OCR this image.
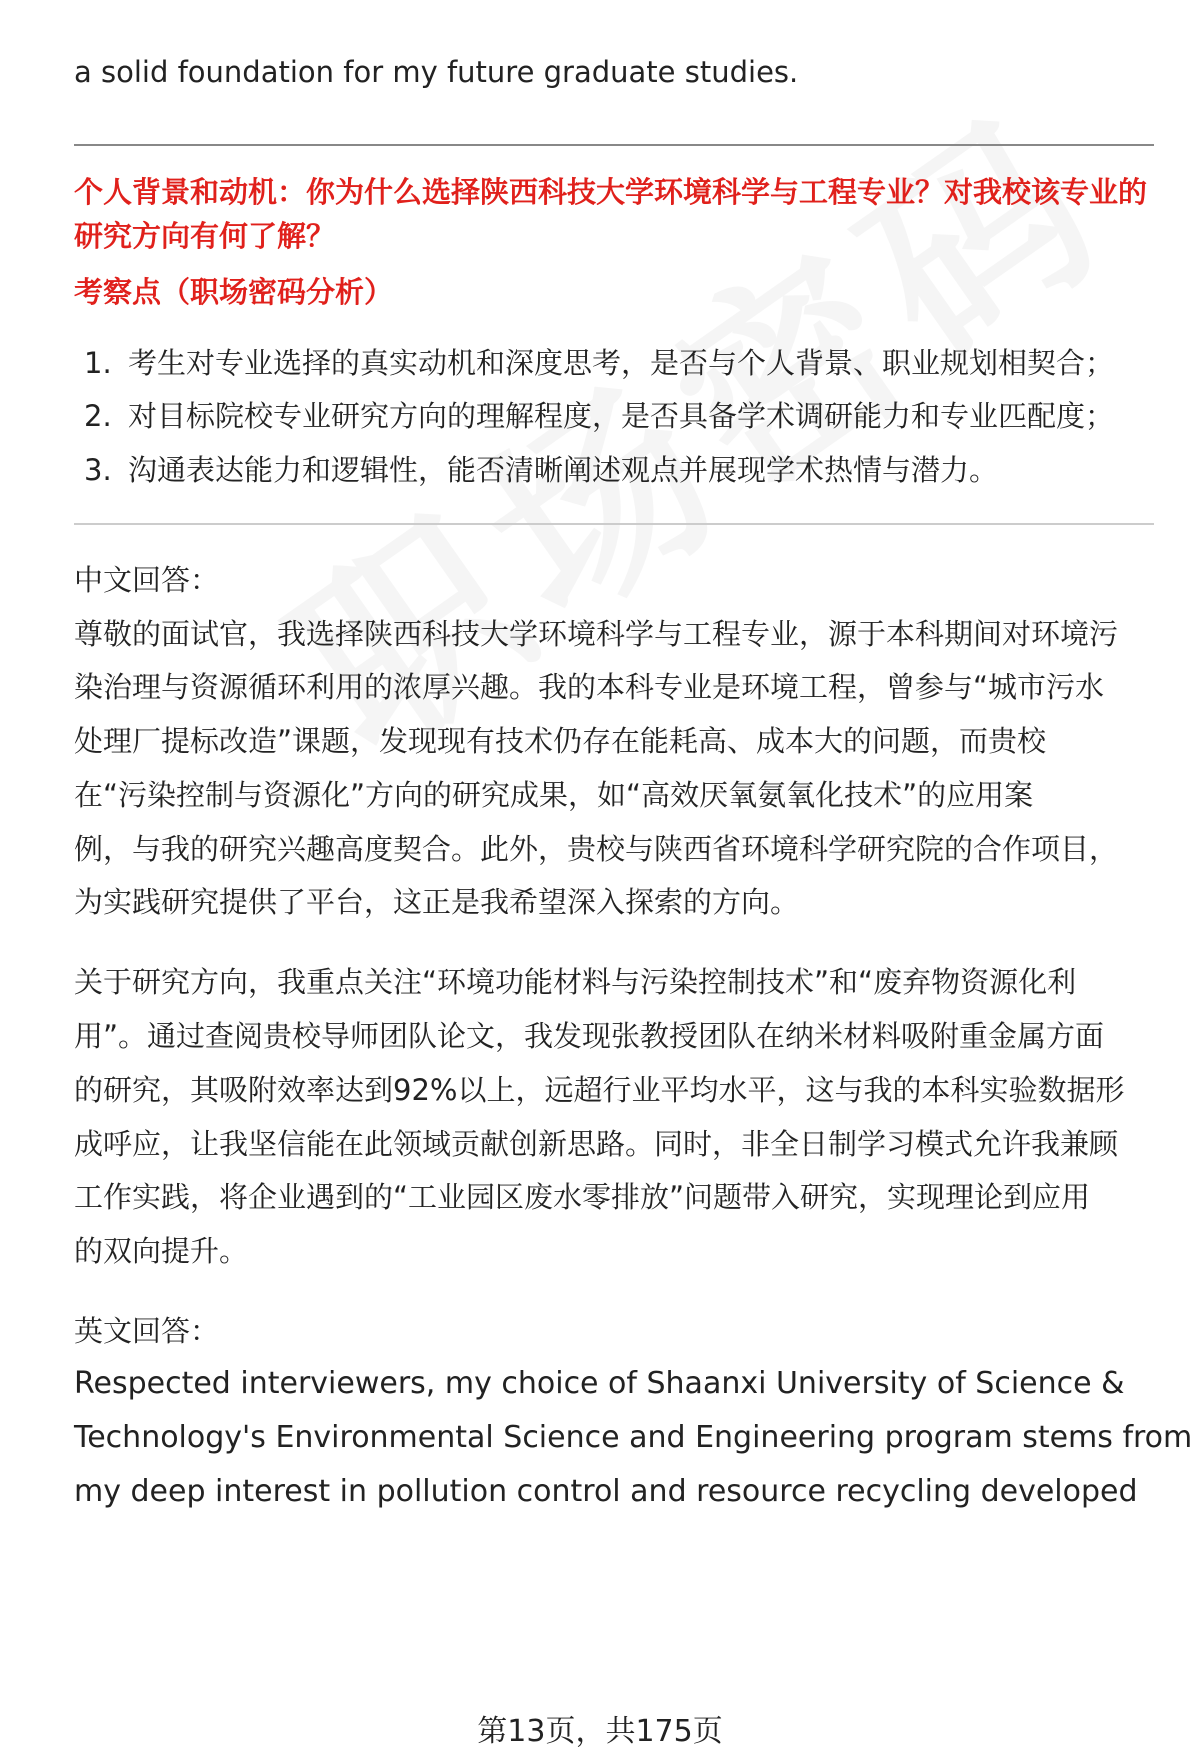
a solid foundation for my future graduate studies.
个人背景和动机：你为什么选择陕西科技大学环境科学与工程专业？对我校该专业的研究方向有何了解？
考察点（职场密码分析）
1. 考生对专业选择的真实动机和深度思考，是否与个人背景、职业规划相契合；
2. 对目标院校专业研究方向的理解程度，是否具备学术调研能力和专业匹配度；
3. 沟通表达能力和逻辑性，能否清晰阐述观点并展现学术热情与潜力。
中文回答：
尊敬的面试官，我选择陕西科技大学环境科学与工程专业，源于本科期间对环境污
染治理与资源循环利用的浓厚兴趣。我的本科专业是环境工程，曾参与“城市污水
处理厂提标改造”课题，发现现有技术仍存在能耗高、成本大的问题，而贵校
在“污染控制与资源化”方向的研究成果，如“高效厌氧氨氧化技术”的应用案
例，与我的研究兴趣高度契合。此外，贵校与陕西省环境科学研究院的合作项目，
为实践研究提供了平台，这正是我希望深入探索的方向。
关于研究方向，我重点关注“环境功能材料与污染控制技术”和“废弃物资源化利
用”。通过查阅贵校导师团队论文，我发现张教授团队在纳米材料吸附重金属方面
的研究，其吸附效率达到92%以上，远超行业平均水平，这与我的本科实验数据形
成呼应，让我坚信能在此领域贡献创新思路。同时，非全日制学习模式允许我兼顾
工作实践，将企业遇到的“工业园区废水零排放”问题带入研究，实现理论到应用
的双向提升。
英文回答：
Respected interviewers, my choice of Shaanxi University of Science &
Technology's Environmental Science and Engineering program stems from
my deep interest in pollution control and resource recycling developed
第13页，共175页
